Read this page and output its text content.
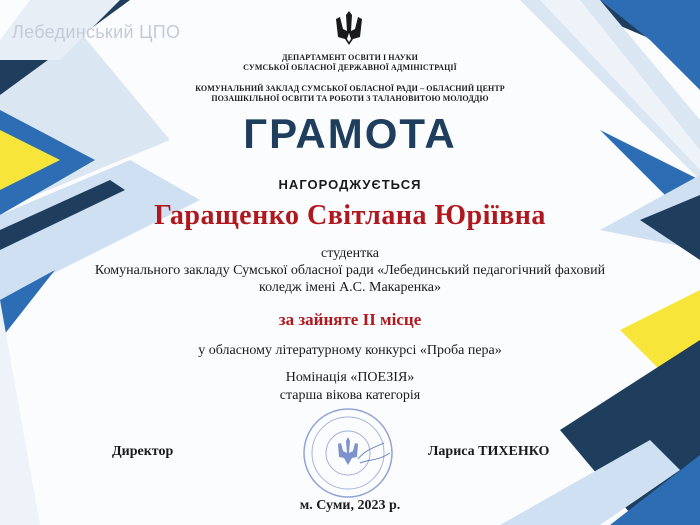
Лебединський ЦПО
ДЕПАРТАМЕНТ ОСВІТИ І НАУКИ
СУМСЬКОЇ ОБЛАСНОЇ ДЕРЖАВНОЇ АДМІНІСТРАЦІЇ
КОМУНАЛЬНИЙ ЗАКЛАД СУМСЬКОЇ ОБЛАСНОЇ РАДИ – ОБЛАСНИЙ ЦЕНТР
ПОЗАШКІЛЬНОЇ ОСВІТИ ТА РОБОТИ З ТАЛАНОВИТОЮ МОЛОДДЮ
ГРАМОТА
НАГОРОДЖУЄТЬСЯ
Гаращенко Світлана Юріївна
студентка
Комунального закладу Сумської обласної ради «Лебединський педагогічний фаховий
коледж імені А.С. Макаренка»
за зайняте ІІ місце
у обласному літературному конкурсі «Проба пера»
Номінація «ПОЕЗІЯ»
старша вікова категорія
Директор	Лариса ТИХЕНКО
м. Суми, 2023 р.
